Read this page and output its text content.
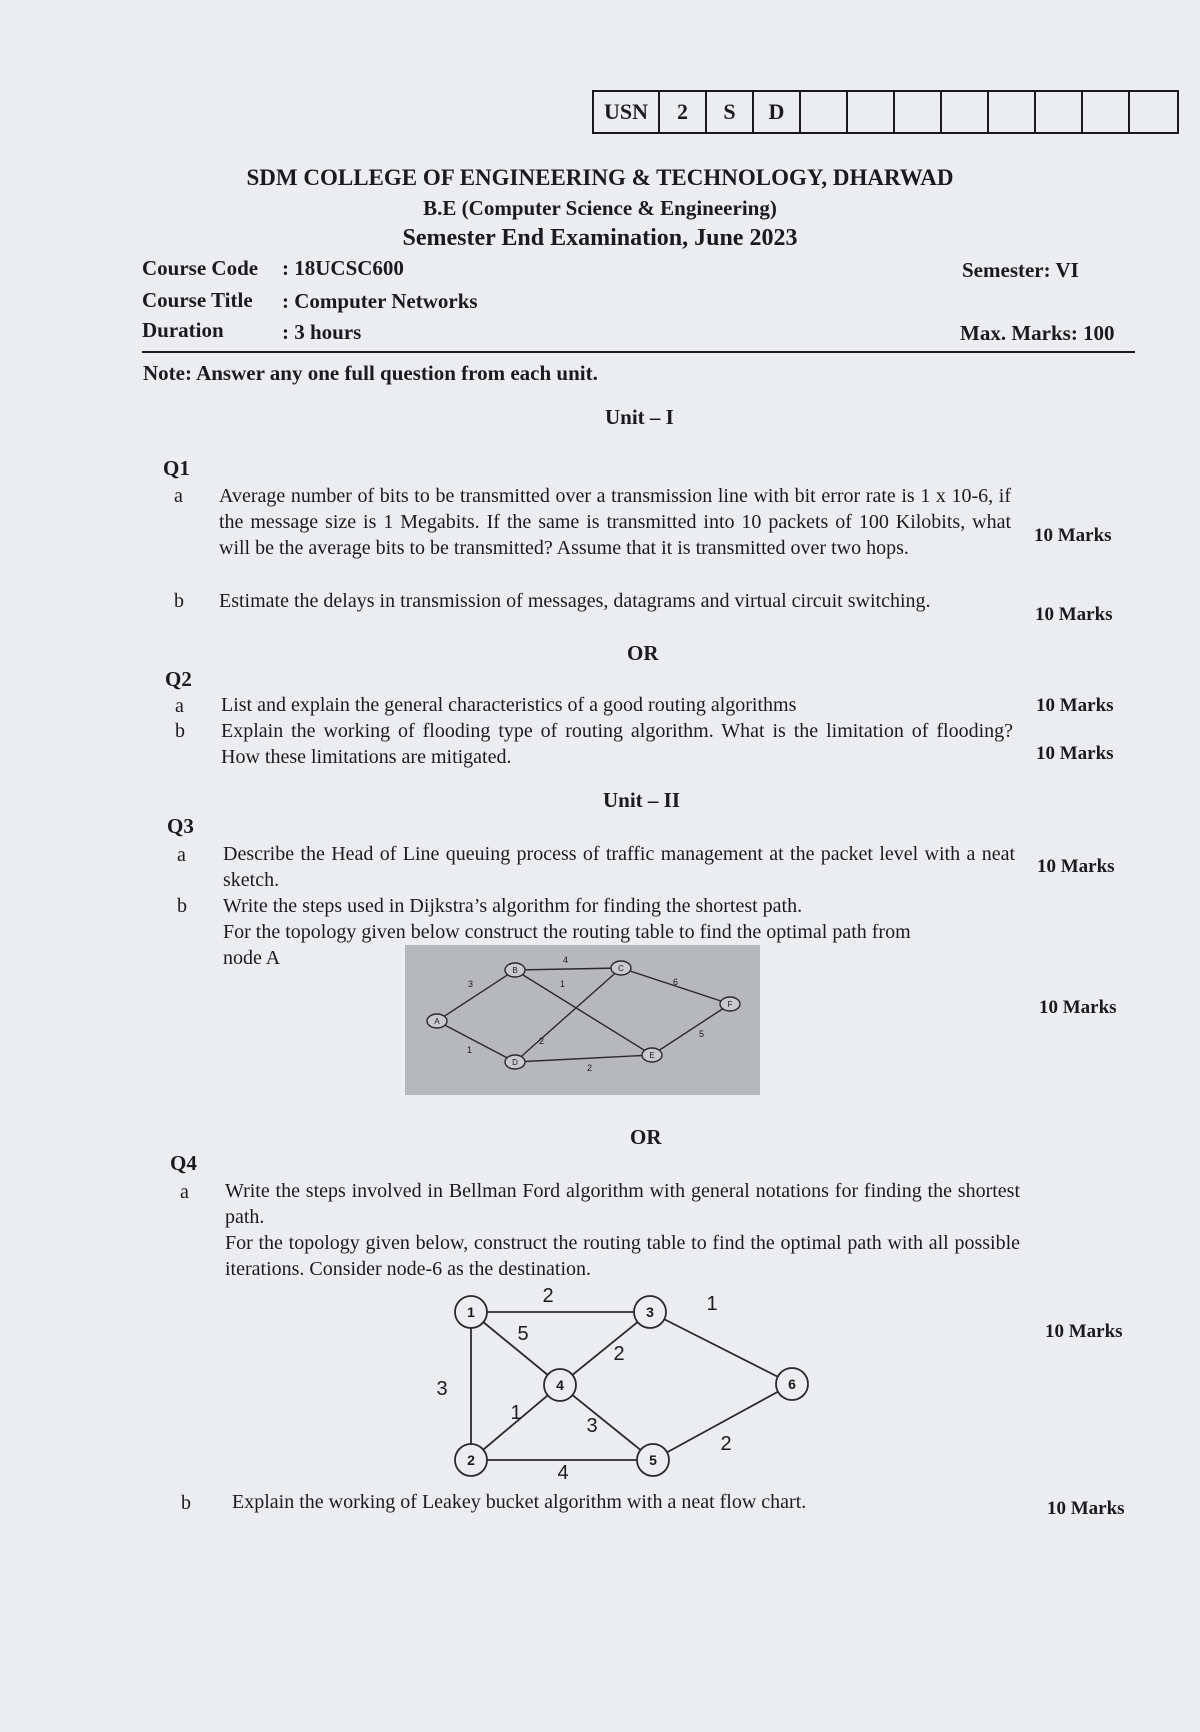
USN	2	S	D
SDM COLLEGE OF ENGINEERING & TECHNOLOGY, DHARWAD
B.E (Computer Science & Engineering)
Semester End Examination, June 2023
Course Code : 18UCSC600	Semester: VI
Course Title : Computer Networks
Duration	: 3 hours	Max. Marks: 100
Note: Answer any one full question from each unit.
Unit – I
Q1
a Average number of bits to be transmitted over a transmission line with bit error rate is 1 x 10-6, if the message size is 1 Megabits. If the same is transmitted into 10 packets of 100 Kilobits, what will be the average bits to be transmitted? Assume that it is transmitted over two hops.
10 Marks
b Estimate the delays in transmission of messages, datagrams and virtual circuit switching.
10 Marks
OR
Q2
a List and explain the general characteristics of a good routing algorithms	10 Marks
b Explain the working of flooding type of routing algorithm. What is the limitation of flooding? How these limitations are mitigated.	10 Marks
Unit – II
Q3
a Describe the Head of Line queuing process of traffic management at the packet level with a neat sketch.
10 Marks
b Write the steps used in Dijkstra’s algorithm for finding the shortest path.
For the topology given below construct the routing table to find the optimal path from
node A
10 Marks
A
B	C
D
E
F
3
1
4
2
1
2
6
5
OR
Q4
a Write the steps involved in Bellman Ford algorithm with general notations for finding the shortest path.
For the topology given below, construct the routing table to find the optimal path with all possible iterations. Consider node-6 as the destination.
10 Marks
1
2
3
4
5
6
2
5
3
2
1
1
3
4
2
b Explain the working of Leakey bucket algorithm with a neat flow chart.	10 Marks
